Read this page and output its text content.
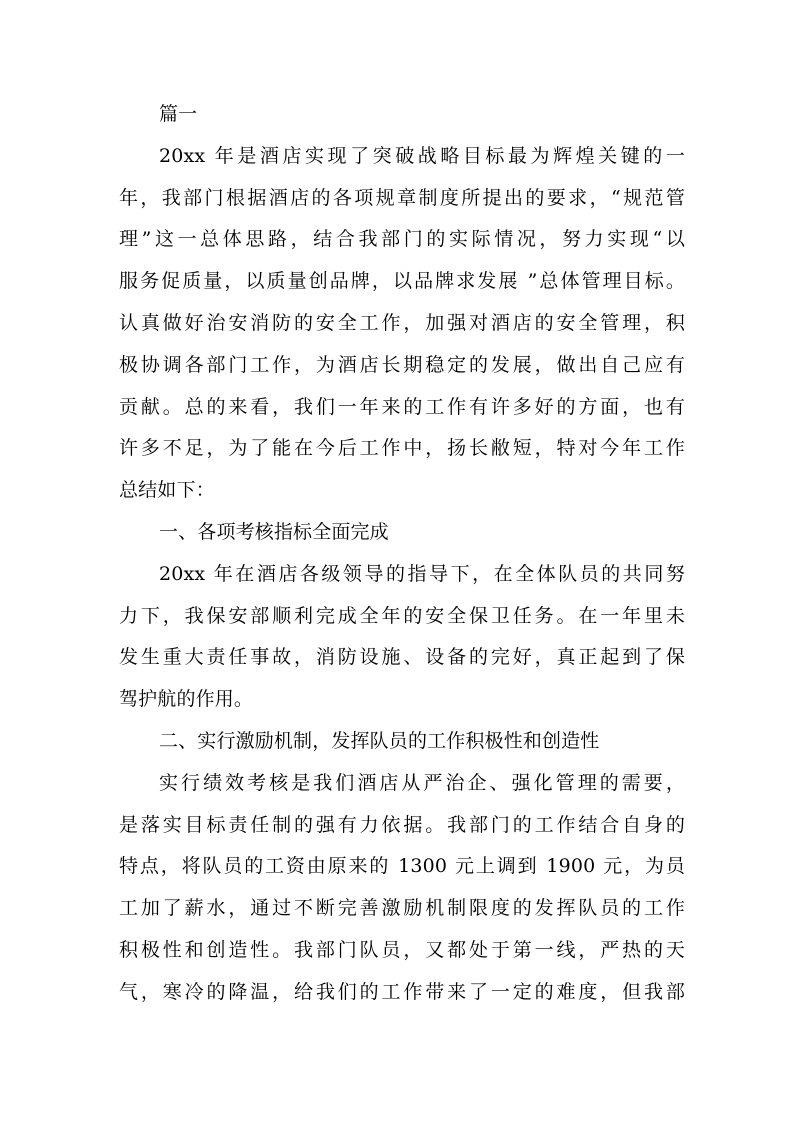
篇一
20xx 年是酒店实现了突破战略目标最为辉煌关键的一
年，我部门根据酒店的各项规章制度所提出的要求，“规范管
理”这一总体思路，结合我部门的实际情况，努力实现“以
服务促质量，以质量创品牌，以品牌求发展 ”总体管理目标。
认真做好治安消防的安全工作，加强对酒店的安全管理，积
极协调各部门工作，为酒店长期稳定的发展，做出自己应有
贡献。总的来看，我们一年来的工作有许多好的方面，也有
许多不足，为了能在今后工作中，扬长敝短，特对今年工作
总结如下：
一、各项考核指标全面完成
20xx 年在酒店各级领导的指导下，在全体队员的共同努
力下，我保安部顺利完成全年的安全保卫任务。在一年里未
发生重大责任事故，消防设施、设备的完好，真正起到了保
驾护航的作用。
二、实行激励机制，发挥队员的工作积极性和创造性
实行绩效考核是我们酒店从严治企、强化管理的需要，
是落实目标责任制的强有力依据。我部门的工作结合自身的
特点，将队员的工资由原来的 1300 元上调到 1900 元，为员
工加了薪水，通过不断完善激励机制限度的发挥队员的工作
积极性和创造性。我部门队员，又都处于第一线，严热的天
气，寒冷的降温，给我们的工作带来了一定的难度，但我部
